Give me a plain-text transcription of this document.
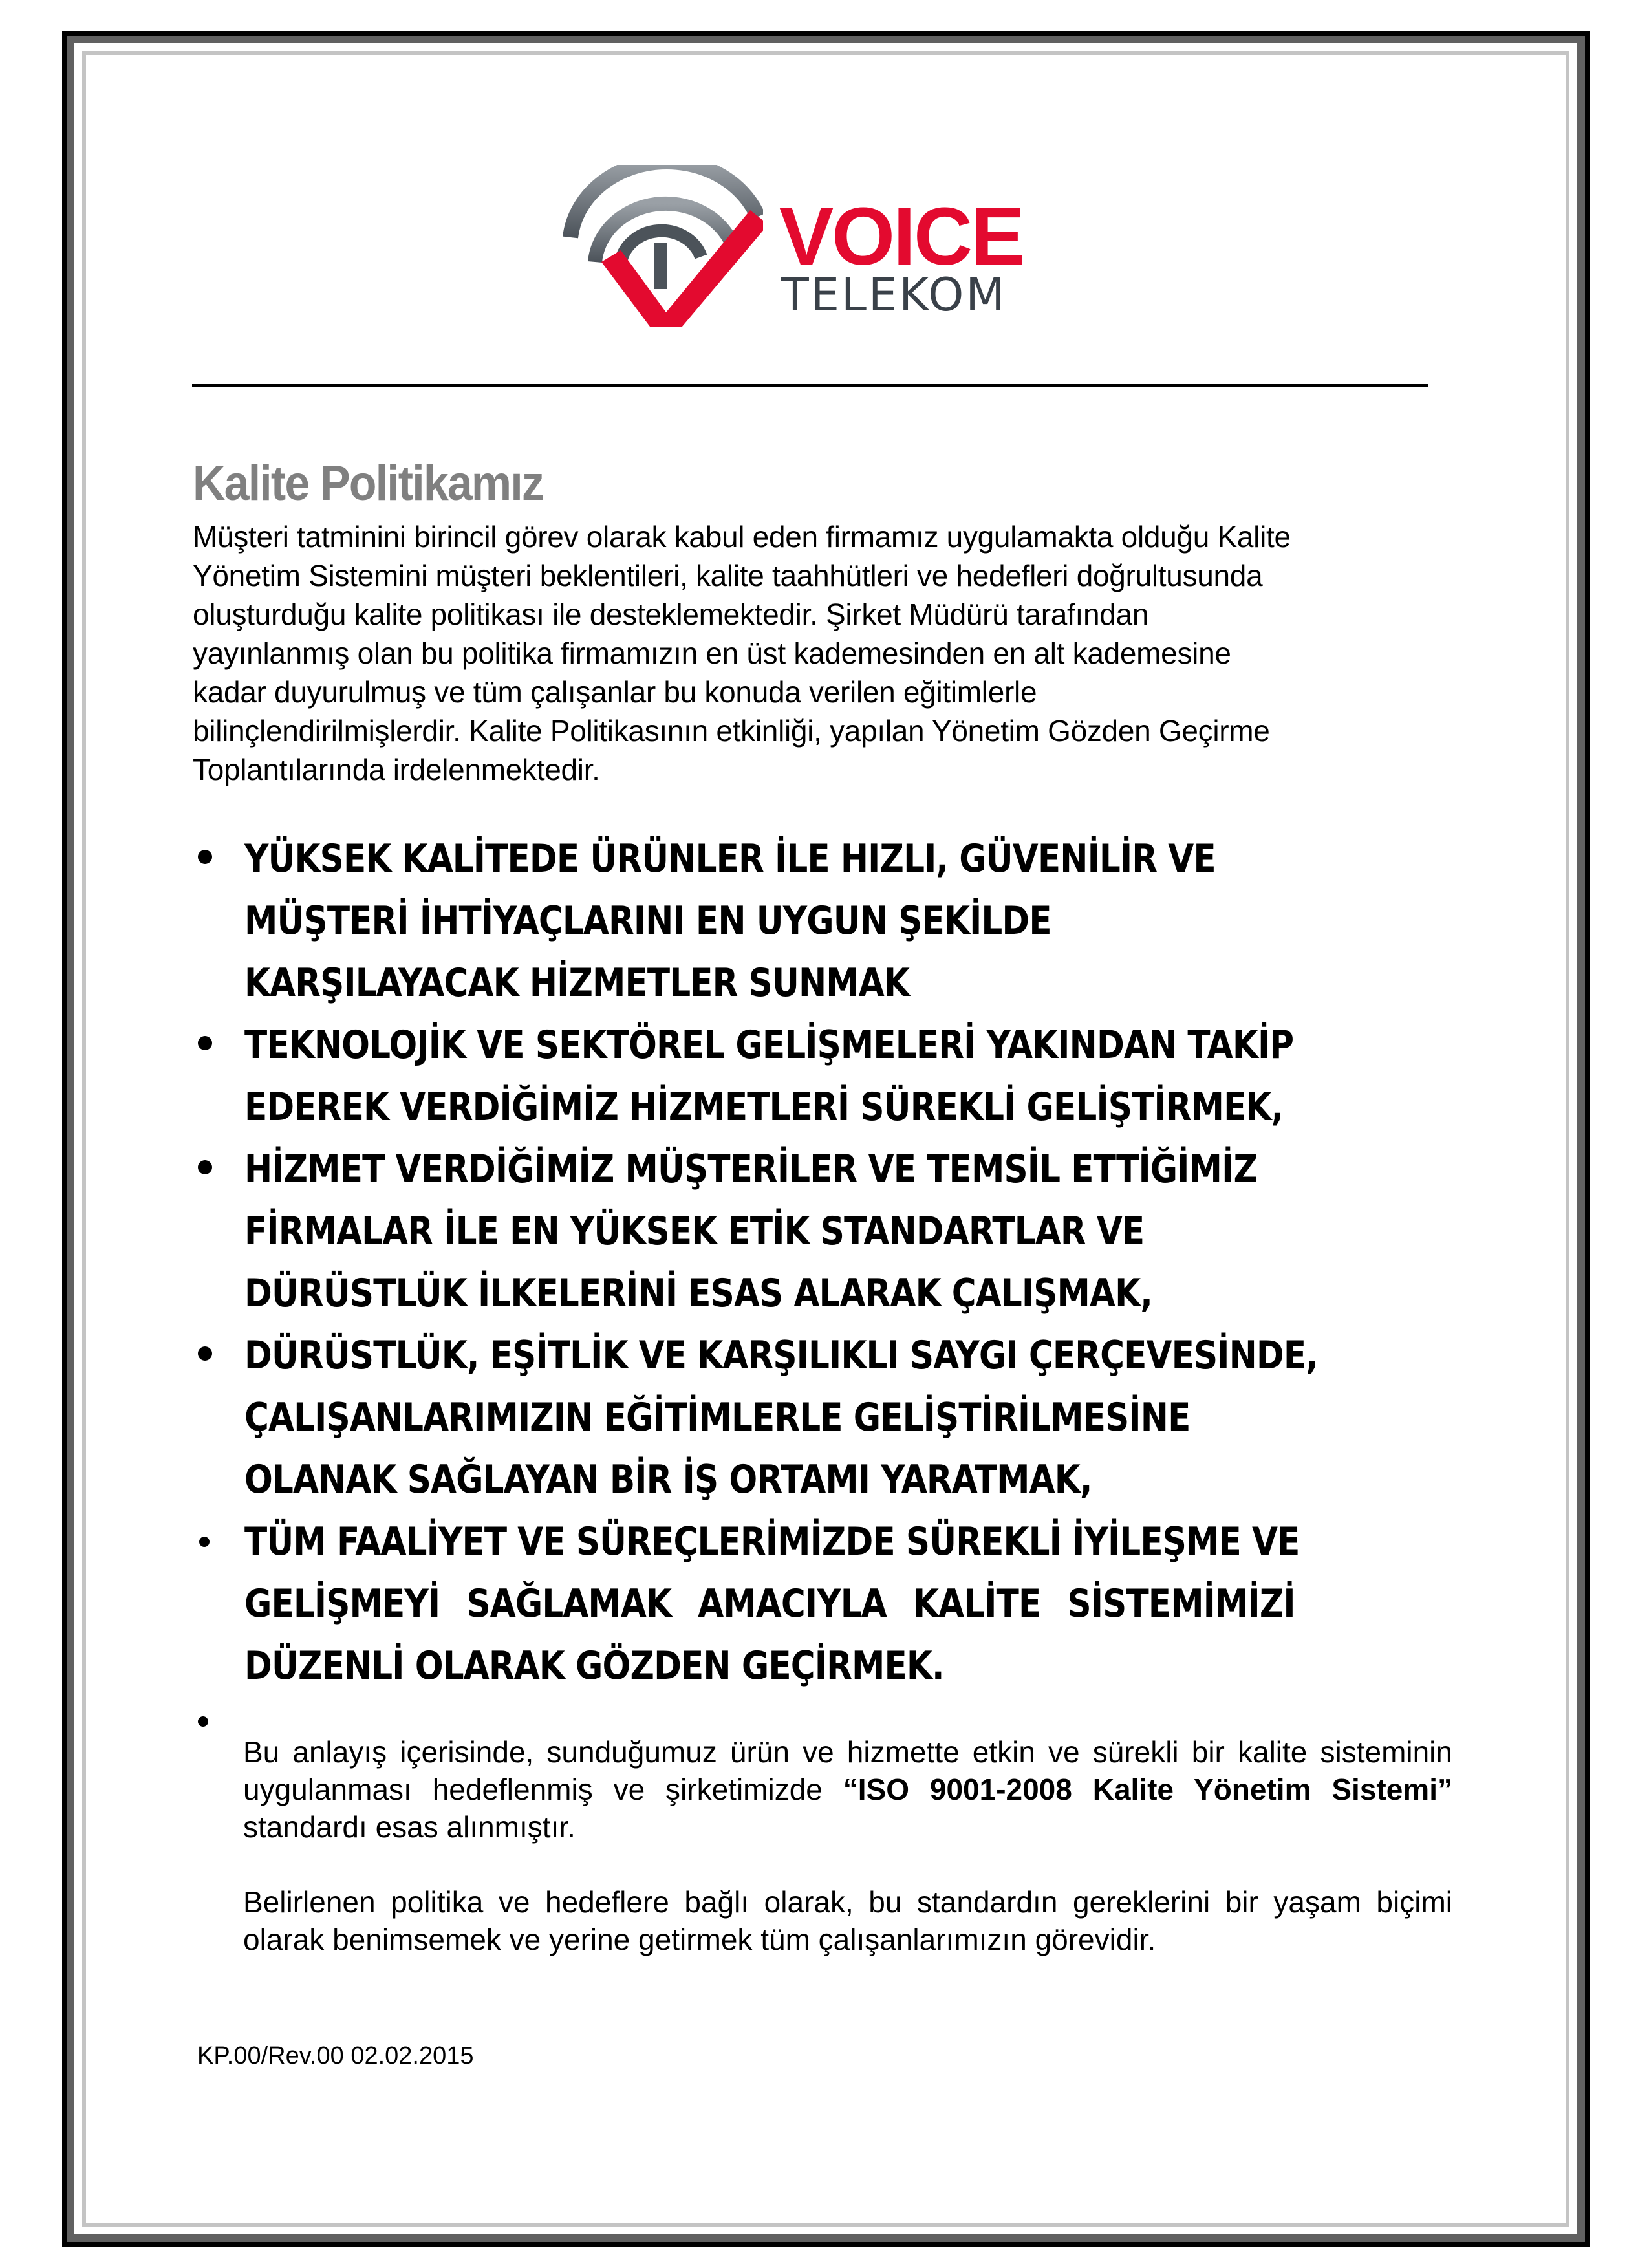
VOICE
TELEKOM
Kalite Politikamız
Müşteri tatminini birincil görev olarak kabul eden firmamız uygulamakta olduğu Kalite
Yönetim Sistemini müşteri beklentileri, kalite taahhütleri ve hedefleri doğrultusunda
oluşturduğu kalite politikası ile desteklemektedir. Şirket Müdürü tarafından
yayınlanmış olan bu politika firmamızın en üst kademesinden en alt kademesine
kadar duyurulmuş ve tüm çalışanlar bu konuda verilen eğitimlerle
bilinçlendirilmişlerdir. Kalite Politikasının etkinliği, yapılan Yönetim Gözden Geçirme
Toplantılarında irdelenmektedir.
YÜKSEK KALİTEDE ÜRÜNLER İLE HIZLI, GÜVENİLİR VE
MÜŞTERİ İHTİYAÇLARINI EN UYGUN ŞEKİLDE
KARŞILAYACAK HİZMETLER SUNMAK
TEKNOLOJİK VE SEKTÖREL GELİŞMELERİ YAKINDAN TAKİP
EDEREK VERDİĞİMİZ HİZMETLERİ SÜREKLİ GELİŞTİRMEK,
HİZMET VERDİĞİMİZ MÜŞTERİLER VE TEMSİL ETTİĞİMİZ
FİRMALAR İLE EN YÜKSEK ETİK STANDARTLAR VE
DÜRÜSTLÜK İLKELERİNİ ESAS ALARAK ÇALIŞMAK,
DÜRÜSTLÜK, EŞİTLİK VE KARŞILIKLI SAYGI ÇERÇEVESİNDE,
ÇALIŞANLARIMIZIN EĞİTİMLERLE GELİŞTİRİLMESİNE
OLANAK SAĞLAYAN BİR İŞ ORTAMI YARATMAK,
TÜM FAALİYET VE SÜREÇLERİMİZDE SÜREKLİ İYİLEŞME VE
GELİŞMEYİ SAĞLAMAK AMACIYLA KALİTE SİSTEMİMİZİ
DÜZENLİ OLARAK GÖZDEN GEÇİRMEK.

Bu anlayış içerisinde, sunduğumuz ürün ve hizmette etkin ve sürekli bir kalite sisteminin uygulanması hedeflenmiş ve şirketimizde “ISO 9001-2008 Kalite Yönetim Sistemi” standardı esas alınmıştır.

Belirlenen politika ve hedeflere bağlı olarak, bu standardın gereklerini bir yaşam biçimi olarak benimsemek ve yerine getirmek tüm çalışanlarımızın görevidir.

KP.00/Rev.00 02.02.2015
